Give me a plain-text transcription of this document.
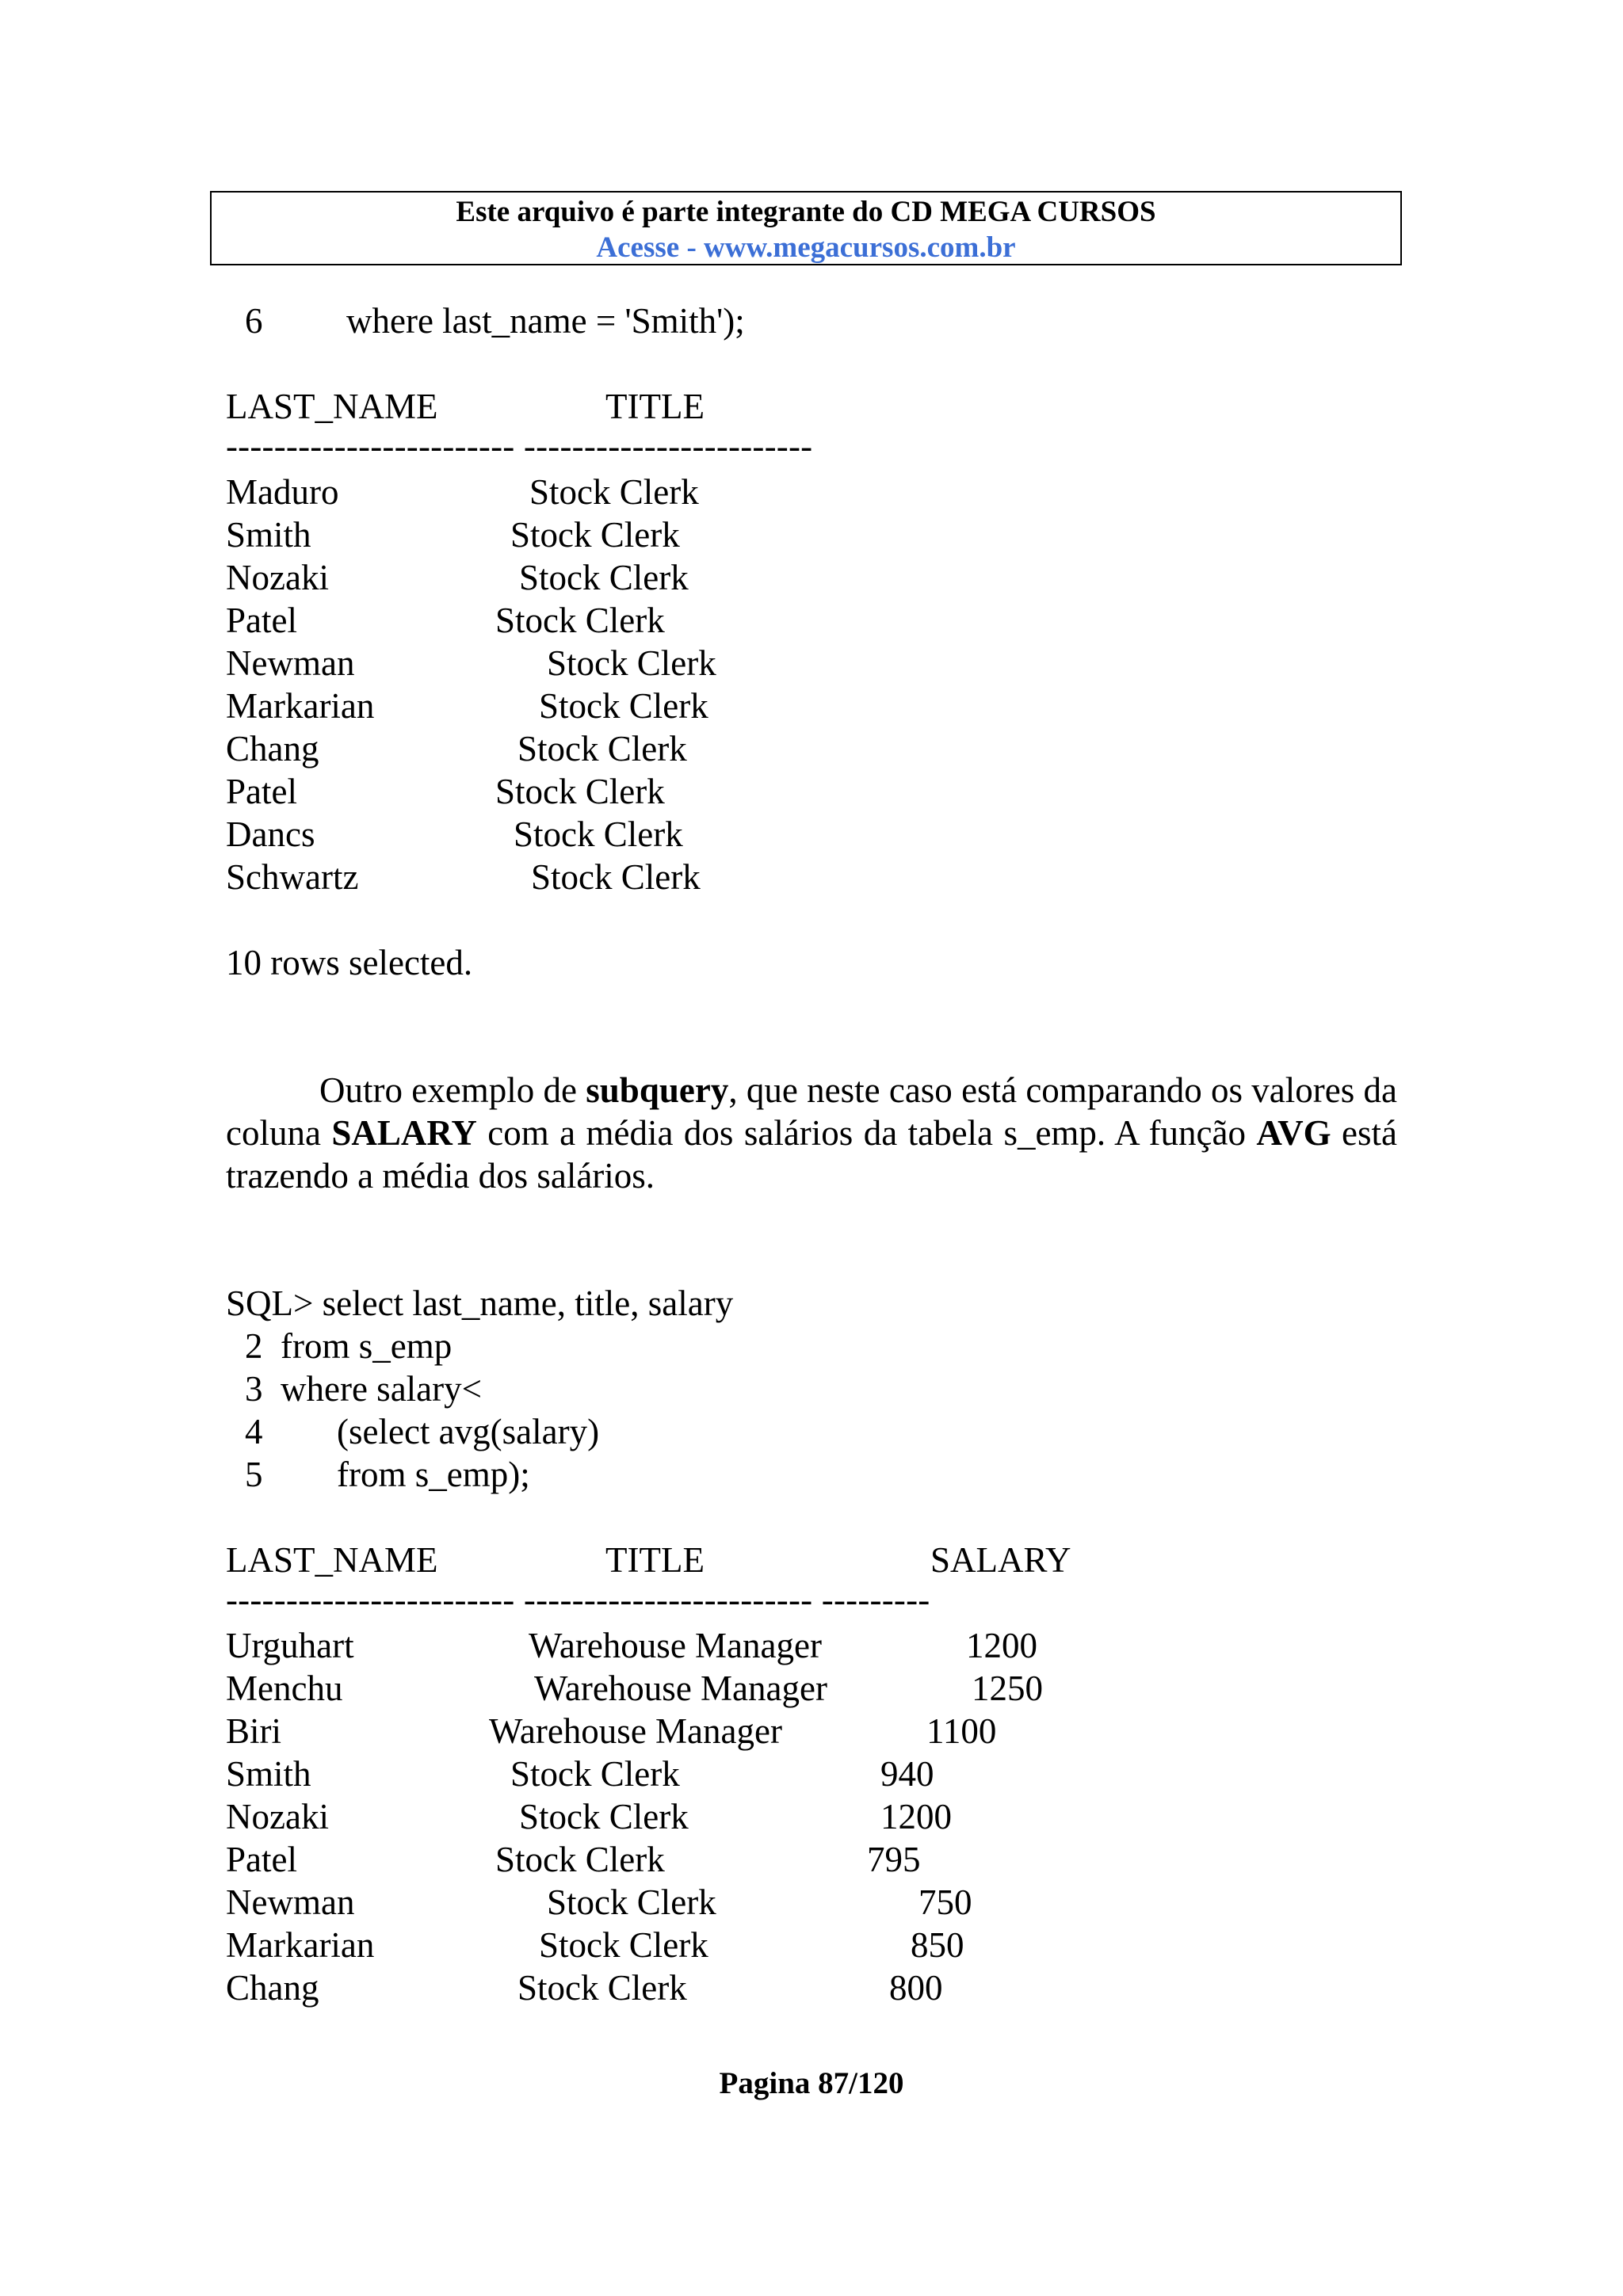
Este arquivo é parte integrante do CD MEGA CURSOS
Acesse - www.megacursos.com.br
6 where last_name = 'Smith');
LAST_NAME	TITLE
------------------------ ------------------------
Maduro	Stock Clerk
Smith	Stock Clerk
Nozaki	Stock Clerk
Patel	Stock Clerk
Newman	Stock Clerk
Markarian	Stock Clerk
Chang	Stock Clerk
Patel	Stock Clerk
Dancs	Stock Clerk
Schwartz	Stock Clerk
10 rows selected.
Outro exemplo de subquery, que neste caso está comparando os valores da coluna SALARY com a média dos salários da tabela s_emp. A função AVG está trazendo a média dos salários.
SQL> select last_name, title, salary
2  from s_emp
3  where salary<
4 (select avg(salary)
5 from s_emp);
LAST_NAME	TITLE	SALARY
------------------------ ------------------------ ---------
Urguhart	Warehouse Manager	1200
Menchu	Warehouse Manager	1250
Biri	Warehouse Manager	1100
Smith	Stock Clerk	940
Nozaki	Stock Clerk	1200
Patel	Stock Clerk	795
Newman	Stock Clerk	750
Markarian	Stock Clerk	850
Chang	Stock Clerk	800
Pagina 87/120
